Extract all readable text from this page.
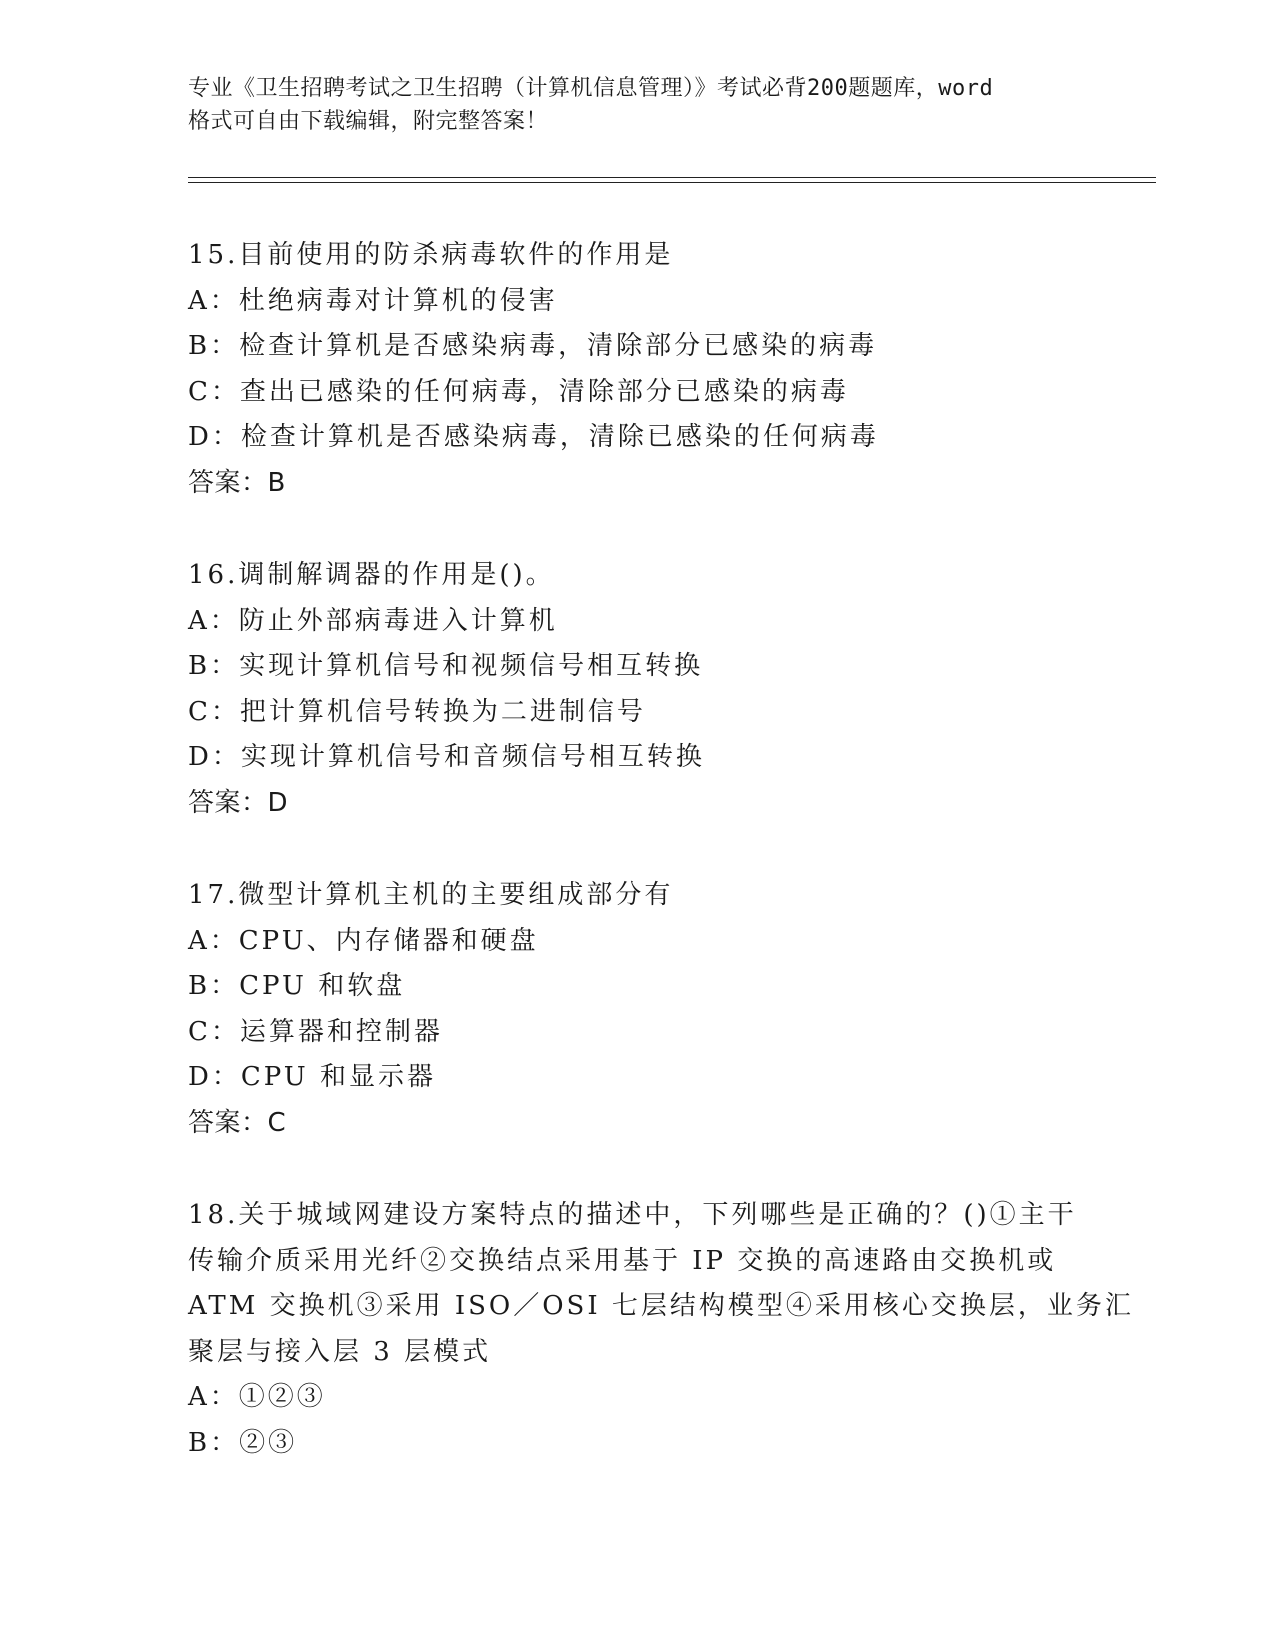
专业《卫生招聘考试之卫生招聘（计算机信息管理）》考试必背200题题库，word
格式可自由下载编辑，附完整答案！
15.目前使用的防杀病毒软件的作用是
A：杜绝病毒对计算机的侵害
B：检查计算机是否感染病毒，清除部分已感染的病毒
C：查出已感染的任何病毒，清除部分已感染的病毒
D：检查计算机是否感染病毒，清除已感染的任何病毒
答案：B
16.调制解调器的作用是()。
A：防止外部病毒进入计算机
B：实现计算机信号和视频信号相互转换
C：把计算机信号转换为二进制信号
D：实现计算机信号和音频信号相互转换
答案：D
17.微型计算机主机的主要组成部分有
A：CPU、内存储器和硬盘
B：CPU 和软盘
C：运算器和控制器
D：CPU 和显示器
答案：C
18.关于城域网建设方案特点的描述中，下列哪些是正确的？()①主干
传输介质采用光纤②交换结点采用基于 IP 交换的高速路由交换机或
ATM 交换机③采用 ISO／OSI 七层结构模型④采用核心交换层，业务汇
聚层与接入层 3 层模式
A：①②③
B：②③
